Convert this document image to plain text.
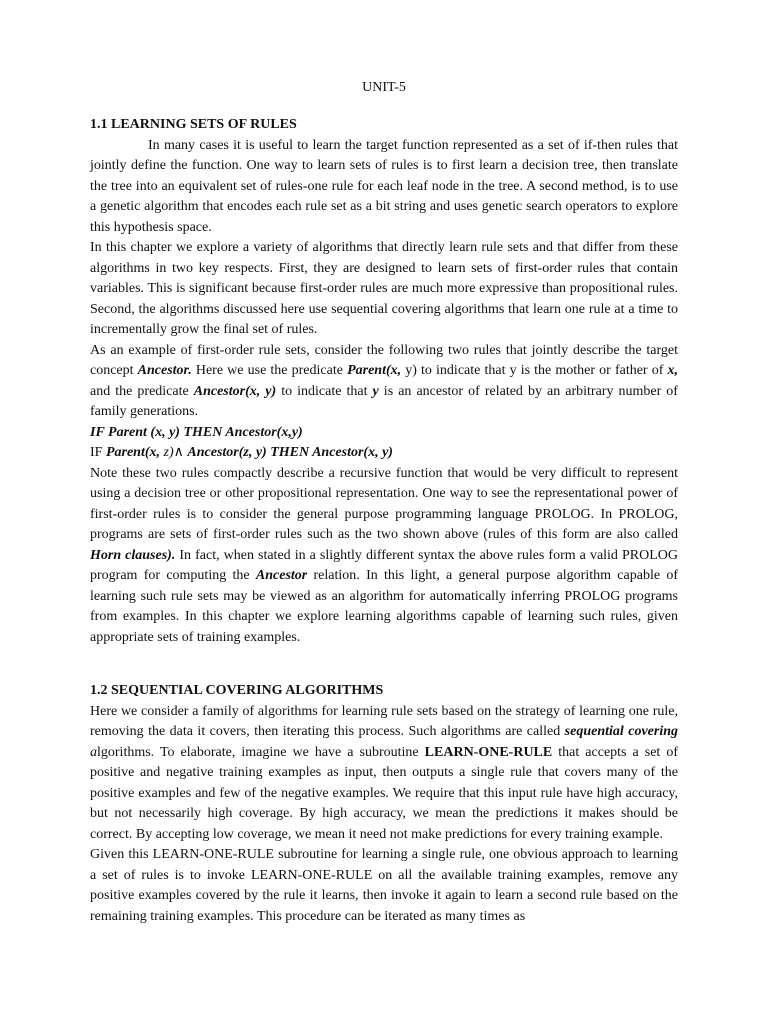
UNIT-5
1.1 LEARNING SETS OF RULES

In many cases it is useful to learn the target function represented as a set of if-then rules that jointly define the function. One way to learn sets of rules is to first learn a decision tree, then translate the tree into an equivalent set of rules-one rule for each leaf node in the tree. A second method, is to use a genetic algorithm that encodes each rule set as a bit string and uses genetic search operators to explore this hypothesis space.

In this chapter we explore a variety of algorithms that directly learn rule sets and that differ from these algorithms in two key respects. First, they are designed to learn sets of first-order rules that contain variables. This is significant because first-order rules are much more expressive than propositional rules. Second, the algorithms discussed here use sequential covering algorithms that learn one rule at a time to incrementally grow the final set of rules.

As an example of first-order rule sets, consider the following two rules that jointly describe the target concept Ancestor. Here we use the predicate Parent(x, y) to indicate that y is the mother or father of x, and the predicate Ancestor(x, y) to indicate that y is an ancestor of related by an arbitrary number of family generations.

IF Parent (x, y) THEN Ancestor(x,y)
IF Parent(x, z)∧ Ancestor(z, y) THEN Ancestor(x, y)

Note these two rules compactly describe a recursive function that would be very difficult to represent using a decision tree or other propositional representation. One way to see the representational power of first-order rules is to consider the general purpose programming language PROLOG. In PROLOG, programs are sets of first-order rules such as the two shown above (rules of this form are also called Horn clauses). In fact, when stated in a slightly different syntax the above rules form a valid PROLOG program for computing the Ancestor relation. In this light, a general purpose algorithm capable of learning such rule sets may be viewed as an algorithm for automatically inferring PROLOG programs from examples. In this chapter we explore learning algorithms capable of learning such rules, given appropriate sets of training examples.

1.2 SEQUENTIAL COVERING ALGORITHMS

Here we consider a family of algorithms for learning rule sets based on the strategy of learning one rule, removing the data it covers, then iterating this process. Such algorithms are called sequential covering algorithms. To elaborate, imagine we have a subroutine LEARN-ONE-RULE that accepts a set of positive and negative training examples as input, then outputs a single rule that covers many of the positive examples and few of the negative examples. We require that this input rule have high accuracy, but not necessarily high coverage. By high accuracy, we mean the predictions it makes should be correct. By accepting low coverage, we mean it need not make predictions for every training example.

Given this LEARN-ONE-RULE subroutine for learning a single rule, one obvious approach to learning a set of rules is to invoke LEARN-ONE-RULE on all the available training examples, remove any positive examples covered by the rule it learns, then invoke it again to learn a second rule based on the remaining training examples. This procedure can be iterated as many times as
